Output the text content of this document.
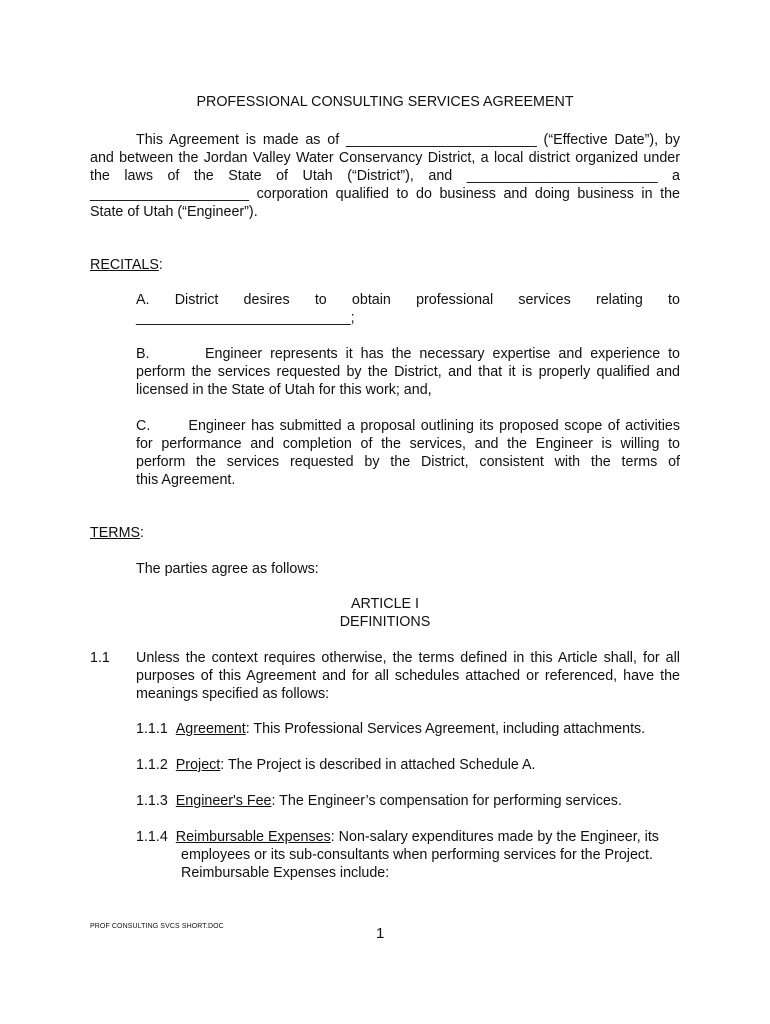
PROFESSIONAL CONSULTING SERVICES AGREEMENT
This Agreement is made as of ________________________ (“Effective Date”), by
and between the Jordan Valley Water Conservancy District, a local district organized under
the laws of the State of Utah (“District”), and ________________________ a
____________________ corporation qualified to do business and doing business in the
State of Utah (“Engineer”).
RECITALS:
A. District desires to obtain professional services relating to
___________________________;
B.       Engineer represents it has the necessary expertise and experience to
perform the services requested by the District, and that it is properly qualified and
licensed in the State of Utah for this work; and,
C.       Engineer has submitted a proposal outlining its proposed scope of activities
for performance and completion of the services, and the Engineer is willing to
perform the services requested by the District, consistent with the terms of
this Agreement.
TERMS:
The parties agree as follows:
ARTICLE I
DEFINITIONS
1.1 Unless the context requires otherwise, the terms defined in this Article shall, for all
purposes of this Agreement and for all schedules attached or referenced, have the
meanings specified as follows:
1.1.1 Agreement: This Professional Services Agreement, including attachments.
1.1.2 Project: The Project is described in attached Schedule A.
1.1.3 Engineer's Fee: The Engineer’s compensation for performing services.
1.1.4 Reimbursable Expenses: Non-salary expenditures made by the Engineer, its
employees or its sub-consultants when performing services for the Project.
Reimbursable Expenses include:
PROF CONSULTING SVCS SHORT.DOC	1
